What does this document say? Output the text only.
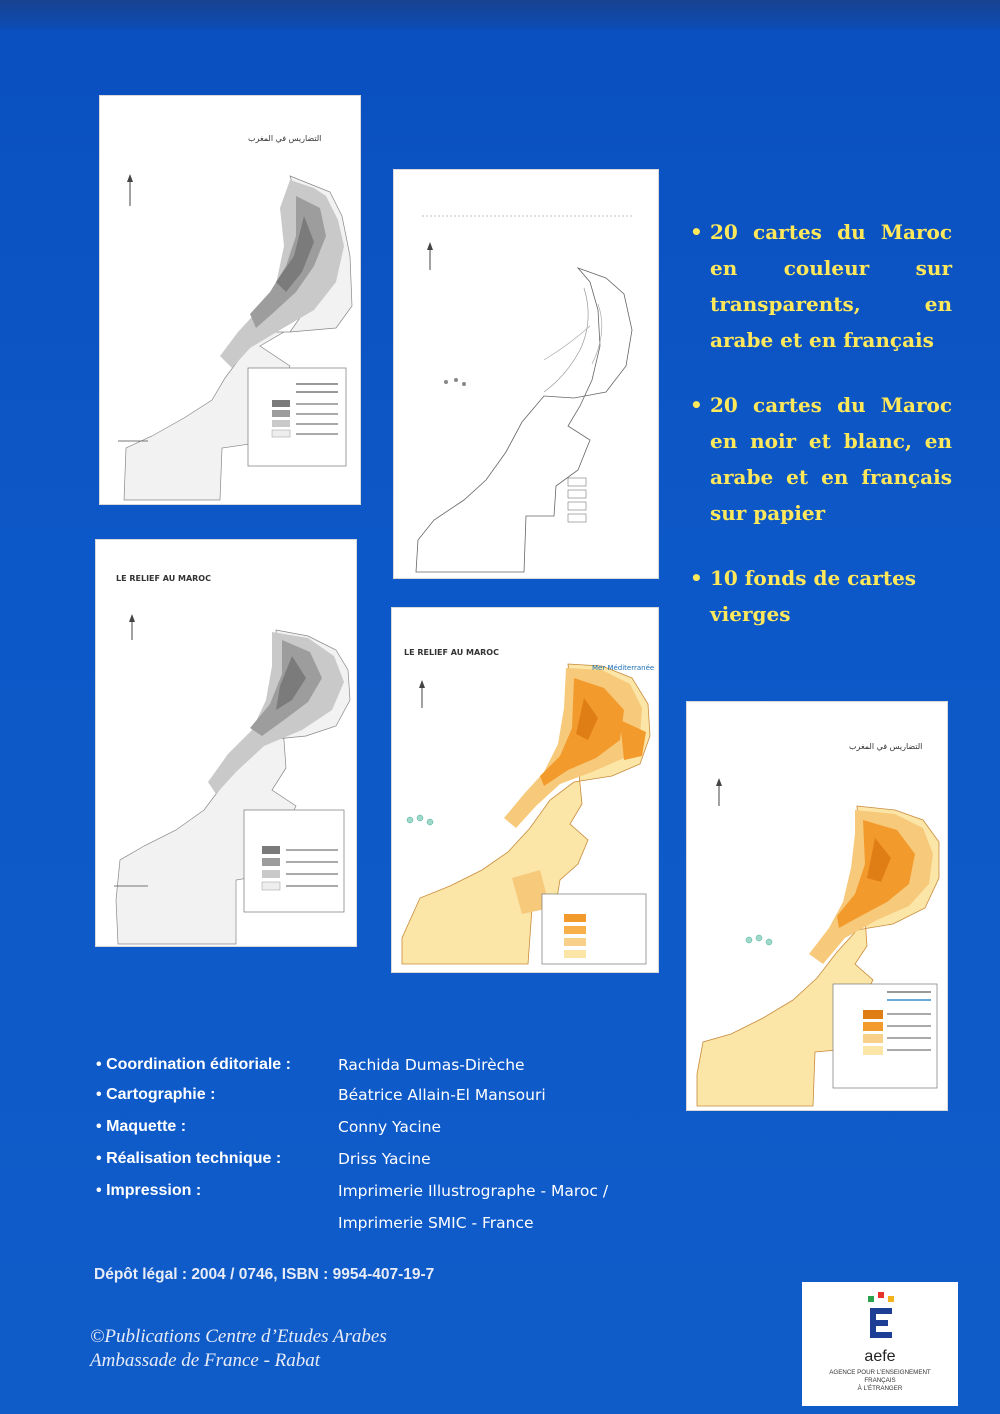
التضاريس في المغرب
LE RELIEF AU MAROC
LE RELIEF AU MAROC
Mer Méditerranée
التضاريس في المغرب
• 20 cartes du Maroc en couleur sur transparents, en arabe et en français
• 20 cartes du Maroc en noir et blanc, en arabe et en français sur papier
• 10 fonds de cartes vierges
• Coordination éditoriale :	Rachida Dumas-Dirèche
• Cartographie :	Béatrice Allain-El Mansouri
• Maquette :	Conny Yacine
• Réalisation technique :	Driss Yacine
• Impression :	Imprimerie Illustrographe - Maroc /
Imprimerie SMIC - France
Dépôt légal : 2004 / 0746, ISBN : 9954-407-19-7
©Publications Centre d’Etudes Arabes
Ambassade de France - Rabat	aefe
AGENCE POUR L’ENSEIGNEMENT FRANÇAIS
À L’ÉTRANGER
